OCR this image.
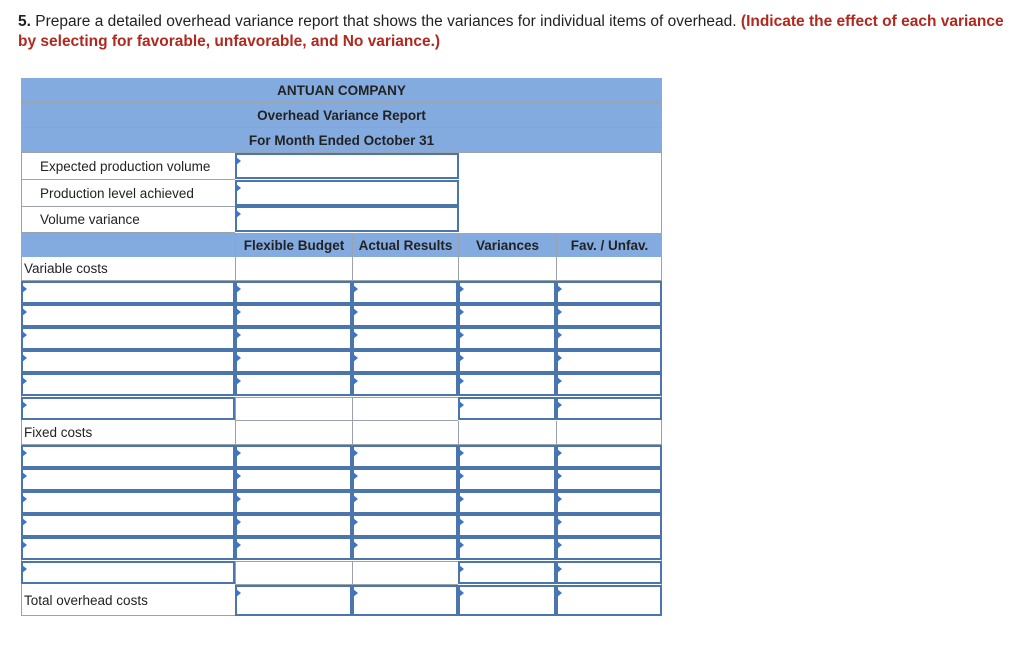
5. Prepare a detailed overhead variance report that shows the variances for individual items of overhead. (Indicate the effect of each variance by selecting for favorable, unfavorable, and No variance.)
ANTUAN COMPANY
Overhead Variance Report
For Month Ended October 31
Expected production volume
Production level achieved
Volume variance
Flexible Budget	Actual Results	Variances	Fav. / Unfav.
Variable costs
Fixed costs
Total overhead costs
